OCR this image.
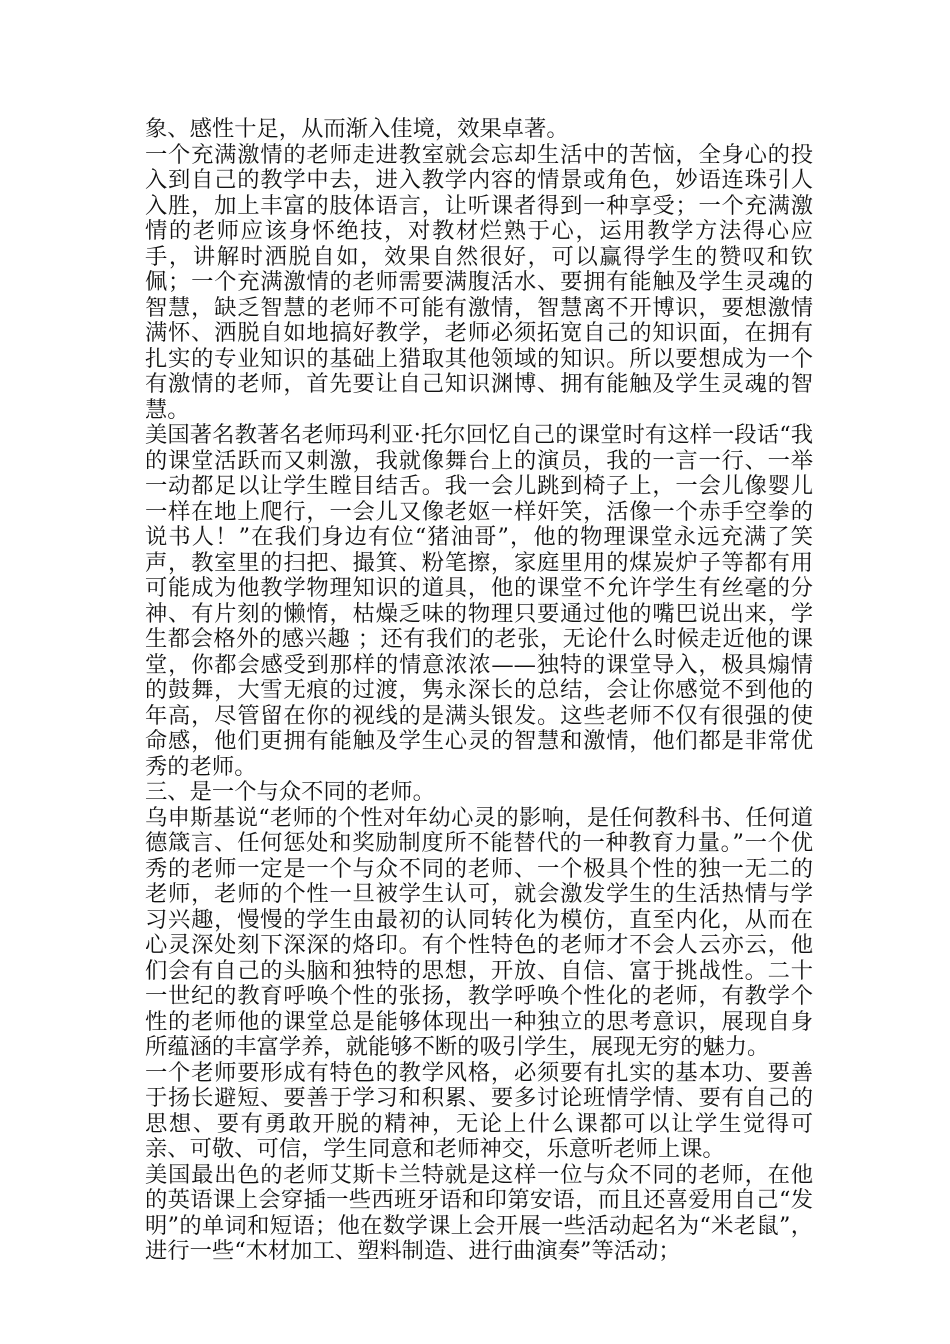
象、感性十足，从而渐入佳境，效果卓著。

一个充满激情的老师走进教室就会忘却生活中的苦恼，全身心的投入到自己的教学中去，进入教学内容的情景或角色，妙语连珠引人入胜，加上丰富的肢体语言，让听课者得到一种享受；一个充满激情的老师应该身怀绝技，对教材烂熟于心，运用教学方法得心应手，讲解时洒脱自如，效果自然很好，可以赢得学生的赞叹和钦佩；一个充满激情的老师需要满腹活水、要拥有能触及学生灵魂的智慧，缺乏智慧的老师不可能有激情，智慧离不开博识，要想激情满怀、洒脱自如地搞好教学，老师必须拓宽自己的知识面，在拥有扎实的专业知识的基础上猎取其他领域的知识。所以要想成为一个有激情的老师，首先要让自己知识渊博、拥有能触及学生灵魂的智慧。

美国著名教著名老师玛利亚·托尔回忆自己的课堂时有这样一段话“我的课堂活跃而又刺激，我就像舞台上的演员，我的一言一行、一举一动都足以让学生瞠目结舌。我一会儿跳到椅子上，一会儿像婴儿一样在地上爬行，一会儿又像老妪一样奸笑，活像一个赤手空拳的说书人！”在我们身边有位“猪油哥”，他的物理课堂永远充满了笑声，教室里的扫把、撮箕、粉笔擦，家庭里用的煤炭炉子等都有用可能成为他教学物理知识的道具，他的课堂不允许学生有丝毫的分神、有片刻的懒惰，枯燥乏味的物理只要通过他的嘴巴说出来，学生都会格外的感兴趣 ；还有我们的老张，无论什么时候走近他的课堂，你都会感受到那样的情意浓浓——独特的课堂导入，极具煽情的鼓舞，大雪无痕的过渡，隽永深长的总结，会让你感觉不到他的年高，尽管留在你的视线的是满头银发。这些老师不仅有很强的使命感，他们更拥有能触及学生心灵的智慧和激情，他们都是非常优秀的老师。

三、是一个与众不同的老师。

乌申斯基说“老师的个性对年幼心灵的影响，是任何教科书、任何道德箴言、任何惩处和奖励制度所不能替代的一种教育力量。”一个优秀的老师一定是一个与众不同的老师、一个极具个性的独一无二的老师，老师的个性一旦被学生认可，就会激发学生的生活热情与学习兴趣，慢慢的学生由最初的认同转化为模仿，直至内化，从而在心灵深处刻下深深的烙印。有个性特色的老师才不会人云亦云，他们会有自己的头脑和独特的思想，开放、自信、富于挑战性。二十一世纪的教育呼唤个性的张扬，教学呼唤个性化的老师，有教学个性的老师他的课堂总是能够体现出一种独立的思考意识，展现自身所蕴涵的丰富学养，就能够不断的吸引学生，展现无穷的魅力。

一个老师要形成有特色的教学风格，必须要有扎实的基本功、要善于扬长避短、要善于学习和积累、要多讨论班情学情、要有自己的思想、要有勇敢开脱的精神，无论上什么课都可以让学生觉得可亲、可敬、可信，学生同意和老师神交，乐意听老师上课。

美国最出色的老师艾斯卡兰特就是这样一位与众不同的老师，在他的英语课上会穿插一些西班牙语和印第安语，而且还喜爱用自己“发明”的单词和短语；他在数学课上会开展一些活动起名为“米老鼠”，进行一些“木材加工、塑料制造、进行曲演奏”等活动；
